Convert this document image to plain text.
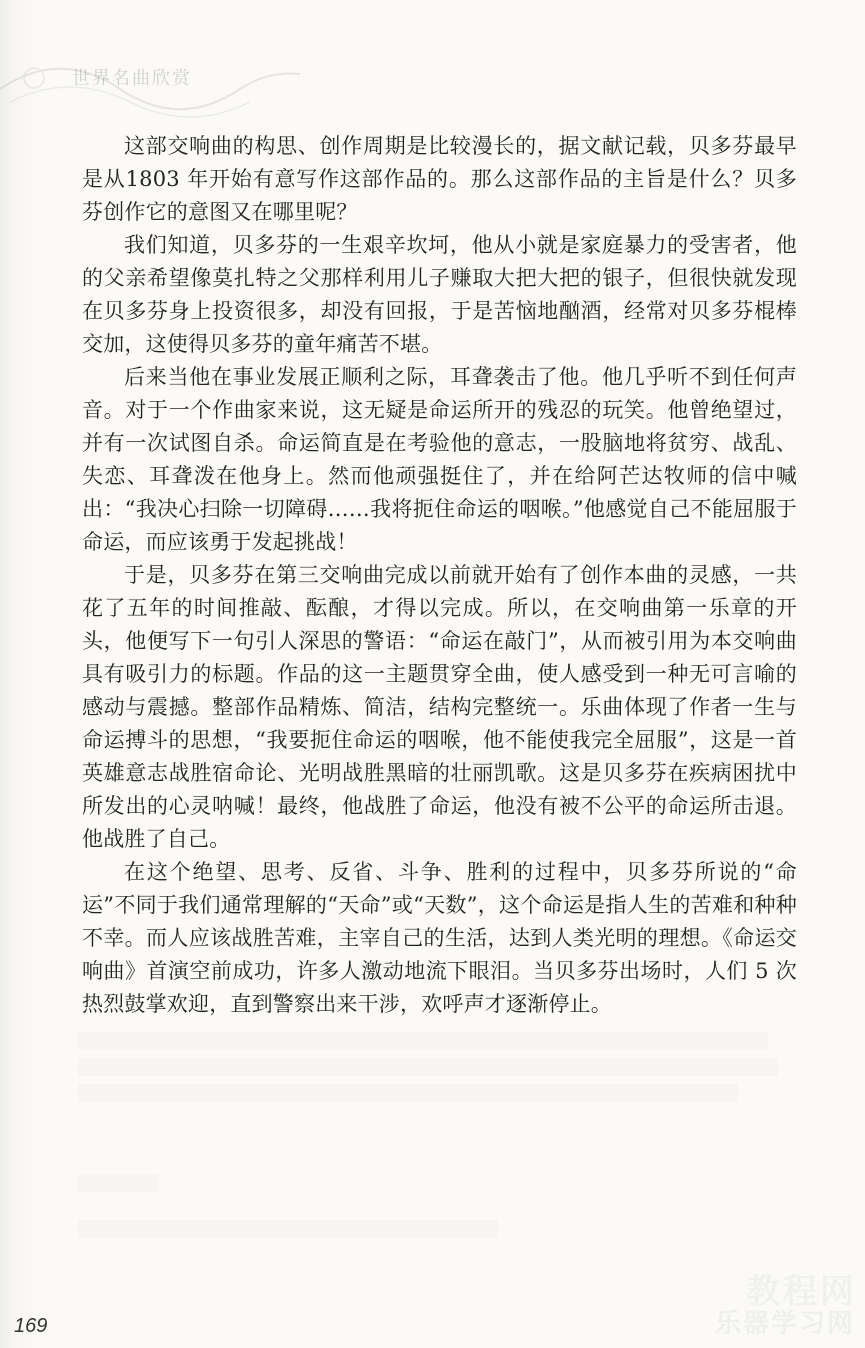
世界名曲欣赏

这部交响曲的构思、创作周期是比较漫长的，据文献记载，贝多芬最早是从1803 年开始有意写作这部作品的。那么这部作品的主旨是什么？贝多芬创作它的意图又在哪里呢？

我们知道，贝多芬的一生艰辛坎坷，他从小就是家庭暴力的受害者，他的父亲希望像莫扎特之父那样利用儿子赚取大把大把的银子，但很快就发现在贝多芬身上投资很多，却没有回报，于是苦恼地酗酒，经常对贝多芬棍棒交加，这使得贝多芬的童年痛苦不堪。

后来当他在事业发展正顺利之际，耳聋袭击了他。他几乎听不到任何声音。对于一个作曲家来说，这无疑是命运所开的残忍的玩笑。他曾绝望过，并有一次试图自杀。命运简直是在考验他的意志，一股脑地将贫穷、战乱、失恋、耳聋泼在他身上。然而他顽强挺住了，并在给阿芒达牧师的信中喊出：“我决心扫除一切障碍……我将扼住命运的咽喉。”他感觉自己不能屈服于命运，而应该勇于发起挑战！

于是，贝多芬在第三交响曲完成以前就开始有了创作本曲的灵感，一共花了五年的时间推敲、酝酿，才得以完成。所以，在交响曲第一乐章的开头，他便写下一句引人深思的警语：“命运在敲门”，从而被引用为本交响曲具有吸引力的标题。作品的这一主题贯穿全曲，使人感受到一种无可言喻的感动与震撼。整部作品精炼、简洁，结构完整统一。乐曲体现了作者一生与命运搏斗的思想，“我要扼住命运的咽喉，他不能使我完全屈服”，这是一首英雄意志战胜宿命论、光明战胜黑暗的壮丽凯歌。这是贝多芬在疾病困扰中所发出的心灵呐喊！最终，他战胜了命运，他没有被不公平的命运所击退。他战胜了自己。

在这个绝望、思考、反省、斗争、胜利的过程中，贝多芬所说的“命运”不同于我们通常理解的“天命”或“天数”，这个命运是指人生的苦难和种种不幸。而人应该战胜苦难，主宰自己的生活，达到人类光明的理想。《命运交响曲》首演空前成功，许多人激动地流下眼泪。当贝多芬出场时，人们 5 次热烈鼓掌欢迎，直到警察出来干涉，欢呼声才逐渐停止。

169
教程网
乐器学习网
